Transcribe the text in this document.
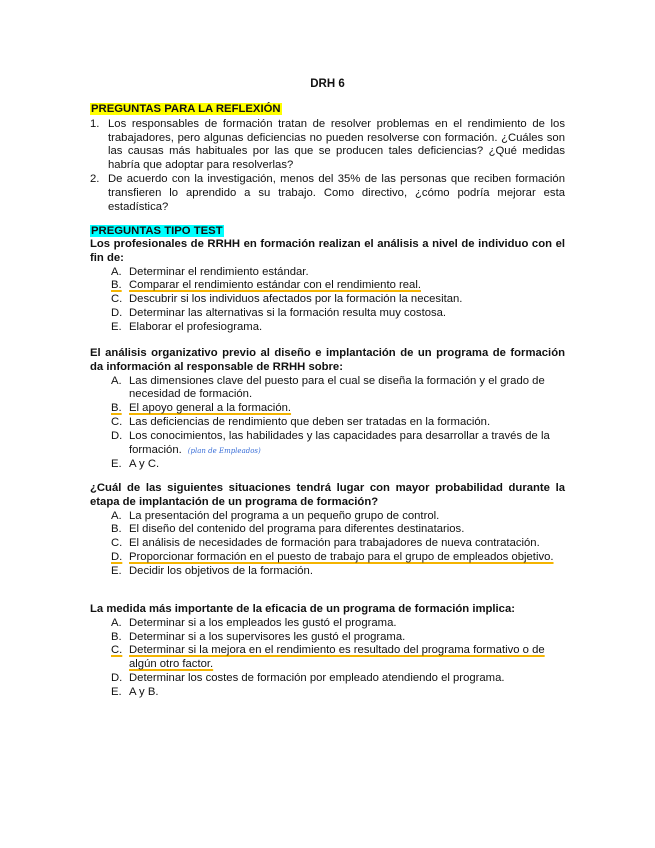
DRH 6
PREGUNTAS PARA LA REFLEXIÓN
1. Los responsables de formación tratan de resolver problemas en el rendimiento de los trabajadores, pero algunas deficiencias no pueden resolverse con formación. ¿Cuáles son las causas más habituales por las que se producen tales deficiencias? ¿Qué medidas habría que adoptar para resolverlas?
2. De acuerdo con la investigación, menos del 35% de las personas que reciben formación transfieren lo aprendido a su trabajo. Como directivo, ¿cómo podría mejorar esta estadística?
PREGUNTAS TIPO TEST
Los profesionales de RRHH en formación realizan el análisis a nivel de individuo con el fin de:
A. Determinar el rendimiento estándar.
B. Comparar el rendimiento estándar con el rendimiento real.
C. Descubrir si los individuos afectados por la formación la necesitan.
D. Determinar las alternativas si la formación resulta muy costosa.
E. Elaborar el profesiograma.
El análisis organizativo previo al diseño e implantación de un programa de formación da información al responsable de RRHH sobre:
A. Las dimensiones clave del puesto para el cual se diseña la formación y el grado de necesidad de formación.
B. El apoyo general a la formación.
C. Las deficiencias de rendimiento que deben ser tratadas en la formación.
D. Los conocimientos, las habilidades y las capacidades para desarrollar a través de la formación. (plan de Empleados)
E. A y C.
¿Cuál de las siguientes situaciones tendrá lugar con mayor probabilidad durante la etapa de implantación de un programa de formación?
A. La presentación del programa a un pequeño grupo de control.
B. El diseño del contenido del programa para diferentes destinatarios.
C. El análisis de necesidades de formación para trabajadores de nueva contratación.
D. Proporcionar formación en el puesto de trabajo para el grupo de empleados objetivo.
E. Decidir los objetivos de la formación.
La medida más importante de la eficacia de un programa de formación implica:
A. Determinar si a los empleados les gustó el programa.
B. Determinar si a los supervisores les gustó el programa.
C. Determinar si la mejora en el rendimiento es resultado del programa formativo o de algún otro factor.
D. Determinar los costes de formación por empleado atendiendo el programa.
E. A y B.
